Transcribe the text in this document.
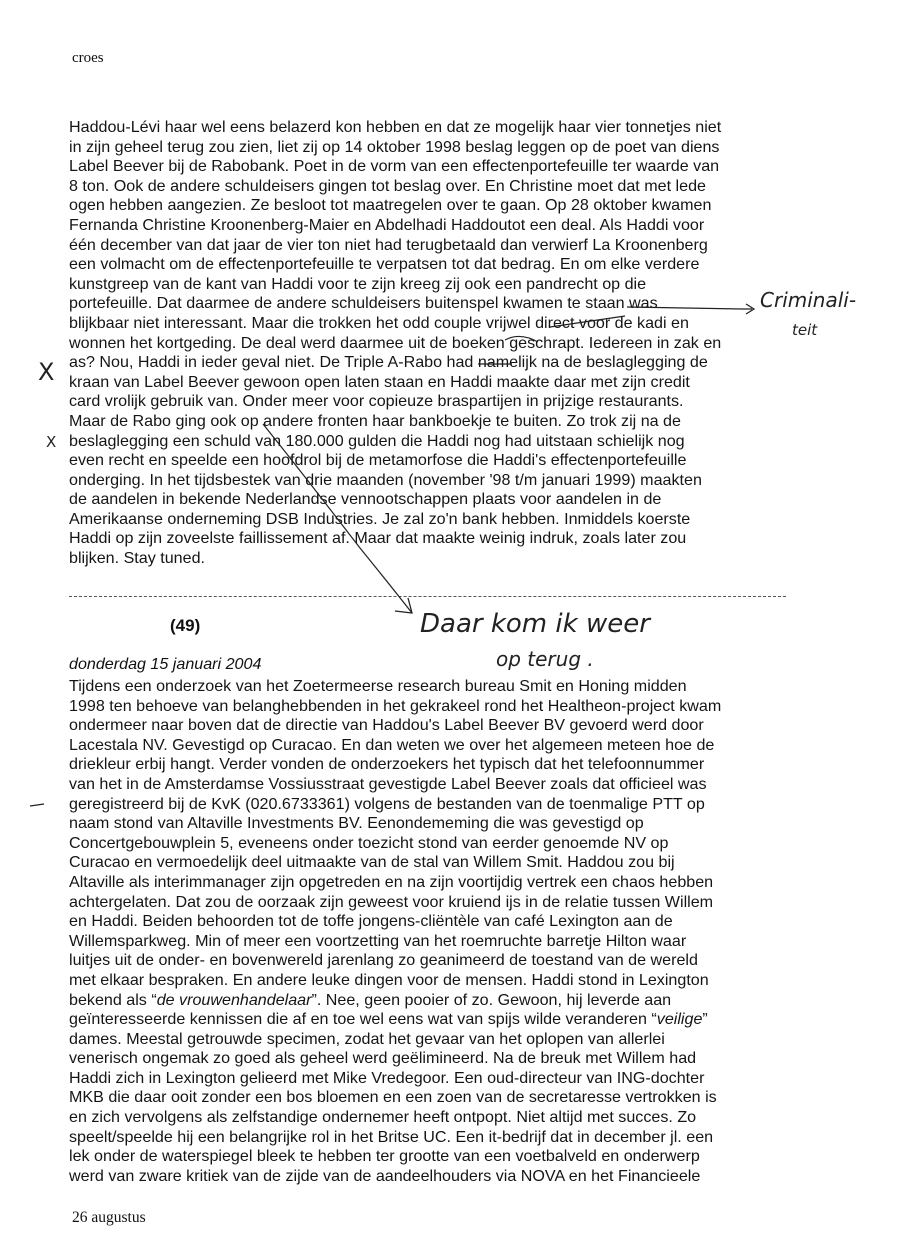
croes
Haddou-Lévi haar wel eens belazerd kon hebben en dat ze mogelijk haar vier tonnetjes niet
in zijn geheel terug zou zien, liet zij op 14 oktober 1998 beslag leggen op de poet van diens
Label Beever bij de Rabobank. Poet in de vorm van een effectenportefeuille ter waarde van
8 ton. Ook de andere schuldeisers gingen tot beslag over. En Christine moet dat met lede
ogen hebben aangezien. Ze besloot tot maatregelen over te gaan. Op 28 oktober kwamen
Fernanda Christine Kroonenberg-Maier en Abdelhadi Haddoutot een deal. Als Haddi voor
één december van dat jaar de vier ton niet had terugbetaald dan verwierf La Kroonenberg
een volmacht om de effectenportefeuille te verpatsen tot dat bedrag. En om elke verdere
kunstgreep van de kant van Haddi voor te zijn kreeg zij ook een pandrecht op die
portefeuille. Dat daarmee de andere schuldeisers buitenspel kwamen te staan was
blijkbaar niet interessant. Maar die trokken het odd couple vrijwel direct voor de kadi en
wonnen het kortgeding. De deal werd daarmee uit de boeken geschrapt. Iedereen in zak en
as? Nou, Haddi in ieder geval niet. De Triple A-Rabo had namelijk na de beslaglegging de
kraan van Label Beever gewoon open laten staan en Haddi maakte daar met zijn credit
card vrolijk gebruik van. Onder meer voor copieuze braspartijen in prijzige restaurants.
Maar de Rabo ging ook op andere fronten haar bankboekje te buiten. Zo trok zij na de
beslaglegging een schuld van 180.000 gulden die Haddi nog had uitstaan schielijk nog
even recht en speelde een hoofdrol bij de metamorfose die Haddi's effectenportefeuille
onderging. In het tijdsbestek van drie maanden (november '98 t/m januari 1999) maakten
de aandelen in bekende Nederlandse vennootschappen plaats voor aandelen in de
Amerikaanse onderneming DSB Industries. Je zal zo'n bank hebben. Inmiddels koerste
Haddi op zijn zoveelste faillissement af. Maar dat maakte weinig indruk, zoals later zou
blijken. Stay tuned.
(49)
donderdag 15 januari 2004
Tijdens een onderzoek van het Zoetermeerse research bureau Smit en Honing midden
1998 ten behoeve van belanghebbenden in het gekrakeel rond het Healtheon-project kwam
ondermeer naar boven dat de directie van Haddou's Label Beever BV gevoerd werd door
Lacestala NV. Gevestigd op Curacao. En dan weten we over het algemeen meteen hoe de
driekleur erbij hangt. Verder vonden de onderzoekers het typisch dat het telefoonnummer
van het in de Amsterdamse Vossiusstraat gevestigde Label Beever zoals dat officieel was
geregistreerd bij de KvK (020.6733361) volgens de bestanden van de toenmalige PTT op
naam stond van Altaville Investments BV. Eenondememing die was gevestigd op
Concertgebouwplein 5, eveneens onder toezicht stond van eerder genoemde NV op
Curacao en vermoedelijk deel uitmaakte van de stal van Willem Smit. Haddou zou bij
Altaville als interimmanager zijn opgetreden en na zijn voortijdig vertrek een chaos hebben
achtergelaten. Dat zou de oorzaak zijn geweest voor kruiend ijs in de relatie tussen Willem
en Haddi. Beiden behoorden tot de toffe jongens-cliëntèle van café Lexington aan de
Willemsparkweg. Min of meer een voortzetting van het roemruchte barretje Hilton waar
luitjes uit de onder- en bovenwereld jarenlang zo geanimeerd de toestand van de wereld
met elkaar bespraken. En andere leuke dingen voor de mensen. Haddi stond in Lexington
bekend als “de vrouwenhandelaar”. Nee, geen pooier of zo. Gewoon, hij leverde aan
geïnteresseerde kennissen die af en toe wel eens wat van spijs wilde veranderen “veilige”
dames. Meestal getrouwde specimen, zodat het gevaar van het oplopen van allerlei
venerisch ongemak zo goed als geheel werd geëlimineerd. Na de breuk met Willem had
Haddi zich in Lexington gelieerd met Mike Vredegoor. Een oud-directeur van ING-dochter
MKB die daar ooit zonder een bos bloemen en een zoen van de secretaresse vertrokken is
en zich vervolgens als zelfstandige ondernemer heeft ontpopt. Niet altijd met succes. Zo
speelt/speelde hij een belangrijke rol in het Britse UC. Een it-bedrijf dat in december jl. een
lek onder de waterspiegel bleek te hebben ter grootte van een voetbalveld en onderwerp
werd van zware kritiek van de zijde van de aandeelhouders via NOVA en het Financieele
26 augustus
X
X
Criminali-
teit
Daar kom ik weer
op terug .
